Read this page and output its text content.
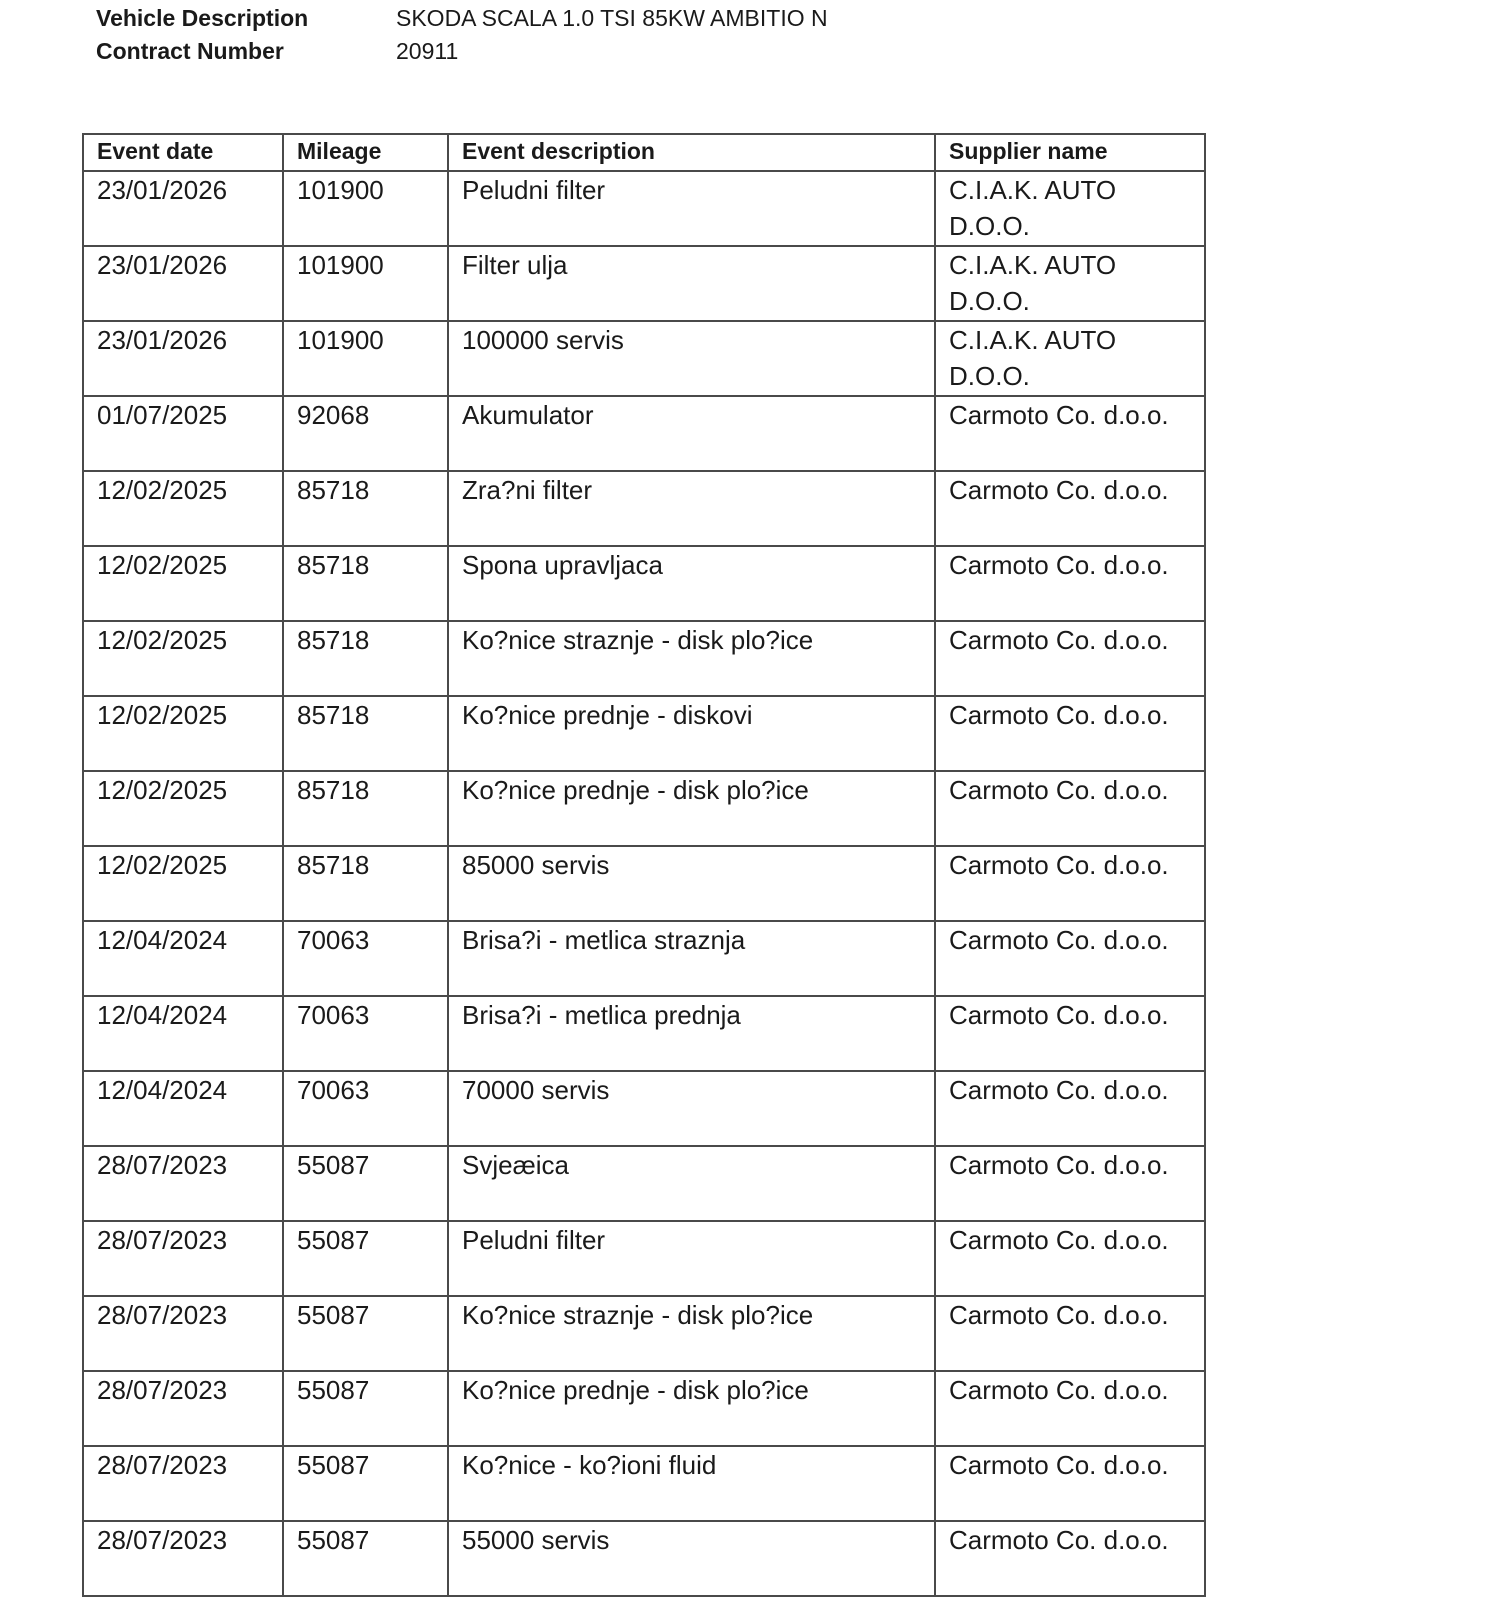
Vehicle Description	SKODA SCALA 1.0 TSI 85KW AMBITIO N
Contract Number	20911
Event date	Mileage	Event description	Supplier name
23/01/2026	101900	Peludni filter	C.I.A.K. AUTO D.O.O.
23/01/2026	101900	Filter ulja	C.I.A.K. AUTO D.O.O.
23/01/2026	101900	100000 servis	C.I.A.K. AUTO D.O.O.
01/07/2025	92068	Akumulator	Carmoto Co. d.o.o.
12/02/2025	85718	Zra?ni filter	Carmoto Co. d.o.o.
12/02/2025	85718	Spona upravljaca	Carmoto Co. d.o.o.
12/02/2025	85718	Ko?nice straznje - disk plo?ice	Carmoto Co. d.o.o.
12/02/2025	85718	Ko?nice prednje - diskovi	Carmoto Co. d.o.o.
12/02/2025	85718	Ko?nice prednje - disk plo?ice	Carmoto Co. d.o.o.
12/02/2025	85718	85000 servis	Carmoto Co. d.o.o.
12/04/2024	70063	Brisa?i - metlica straznja	Carmoto Co. d.o.o.
12/04/2024	70063	Brisa?i - metlica prednja	Carmoto Co. d.o.o.
12/04/2024	70063	70000 servis	Carmoto Co. d.o.o.
28/07/2023	55087	Svjeæica	Carmoto Co. d.o.o.
28/07/2023	55087	Peludni filter	Carmoto Co. d.o.o.
28/07/2023	55087	Ko?nice straznje - disk plo?ice	Carmoto Co. d.o.o.
28/07/2023	55087	Ko?nice prednje - disk plo?ice	Carmoto Co. d.o.o.
28/07/2023	55087	Ko?nice - ko?ioni fluid	Carmoto Co. d.o.o.
28/07/2023	55087	55000 servis	Carmoto Co. d.o.o.
